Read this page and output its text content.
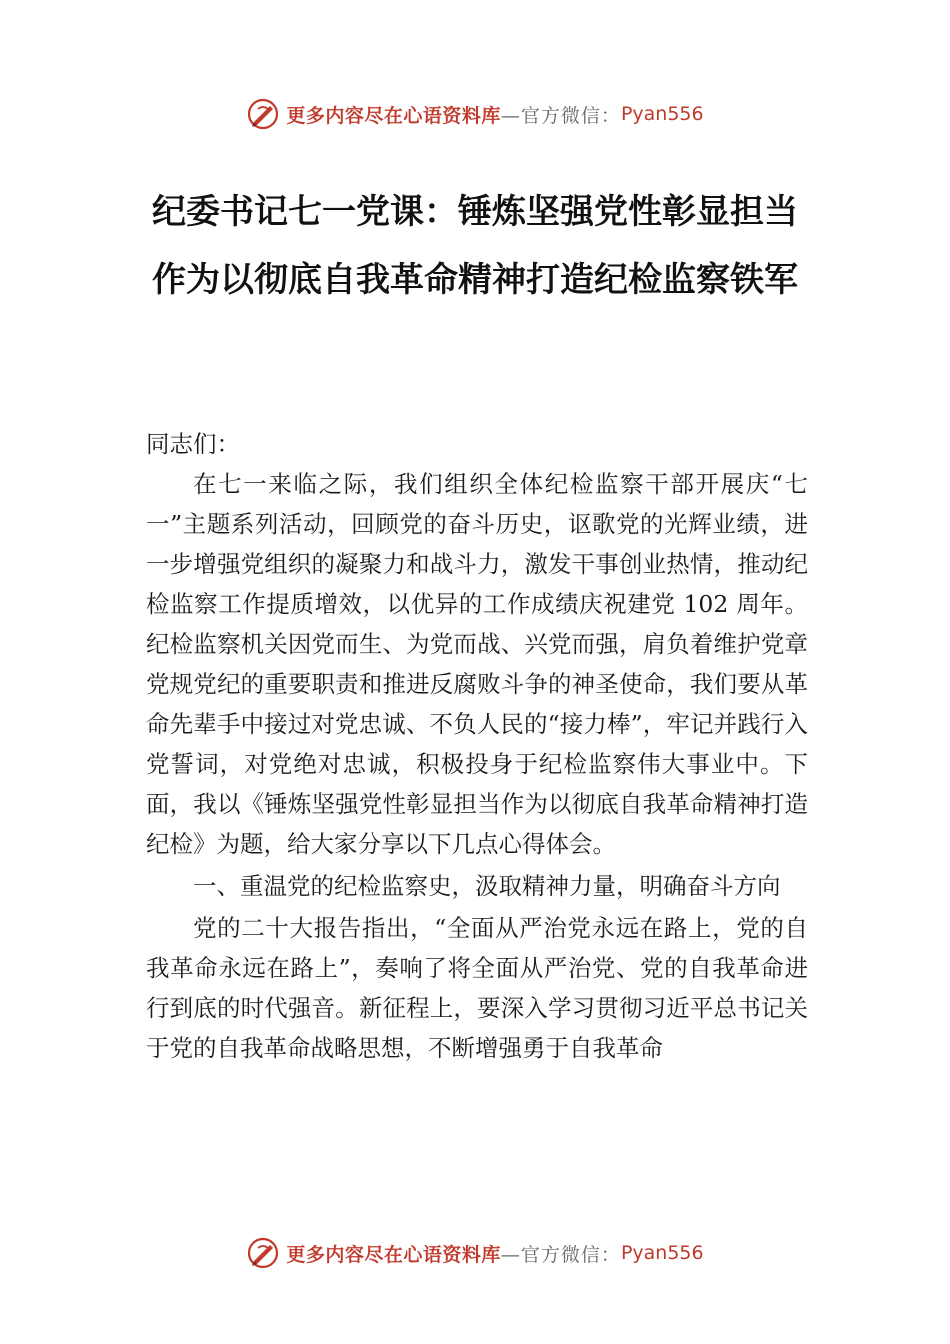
更多内容尽在心语资料库 —官方微信： Pyan556
纪委书记七一党课：锤炼坚强党性彰显担当作为以彻底自我革命精神打造纪检监察铁军

同志们：

在七一来临之际，我们组织全体纪检监察干部开展庆“七一”主题系列活动，回顾党的奋斗历史，讴歌党的光辉业绩，进一步增强党组织的凝聚力和战斗力，激发干事创业热情，推动纪检监察工作提质增效，以优异的工作成绩庆祝建党 102 周年。纪检监察机关因党而生、为党而战、兴党而强，肩负着维护党章党规党纪的重要职责和推进反腐败斗争的神圣使命，我们要从革命先辈手中接过对党忠诚、不负人民的“接力棒”，牢记并践行入党誓词，对党绝对忠诚，积极投身于纪检监察伟大事业中。下面，我以《锤炼坚强党性彰显担当作为以彻底自我革命精神打造纪检》为题，给大家分享以下几点心得体会。

一、重温党的纪检监察史，汲取精神力量，明确奋斗方向

党的二十大报告指出，“全面从严治党永远在路上，党的自我革命永远在路上”，奏响了将全面从严治党、党的自我革命进行到底的时代强音。新征程上，要深入学习贯彻习近平总书记关于党的自我革命战略思想，不断增强勇于自我革命

更多内容尽在心语资料库 —官方微信： Pyan556
